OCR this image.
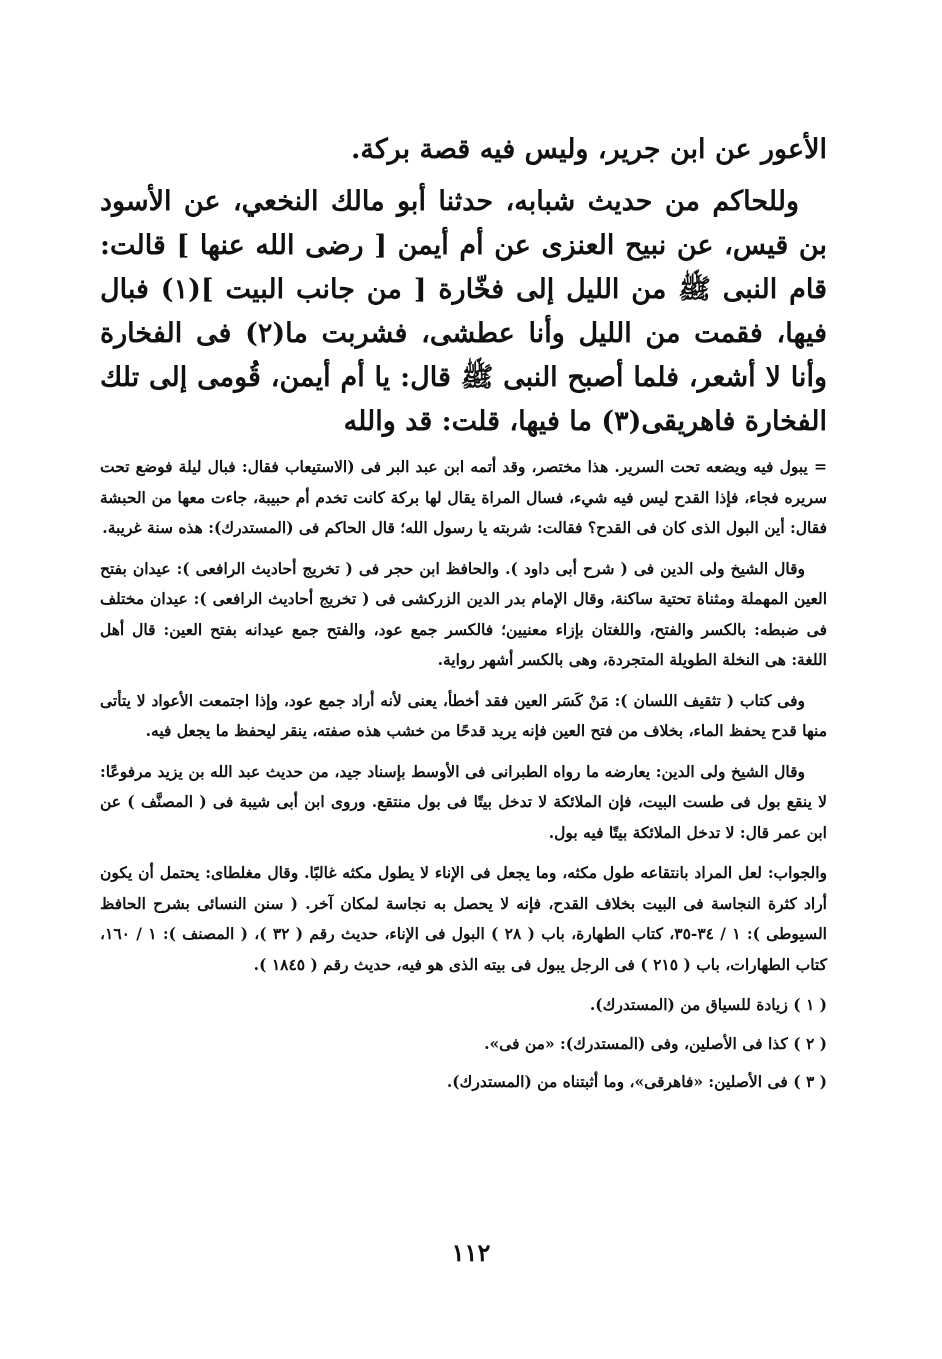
الأعور عن ابن جرير، وليس فيه قصة بركة.

وللحاكم من حديث شبابه، حدثنا أبو مالك النخعي، عن الأسود بن قيس، عن نبيح العنزى عن أم أيمن [ رضى الله عنها ] قالت: قام النبى ﷺ من الليل إلى فخّارة [ من جانب البيت ](١) فبال فيها، فقمت من الليل وأنا عطشى، فشربت ما(٢) فى الفخارة وأنا لا أشعر، فلما أصبح النبى ﷺ قال: يا أم أيمن، قُومى إلى تلك الفخارة فاهريقى(٣) ما فيها، قلت: قد والله

= يبول فيه ويضعه تحت السرير. هذا مختصر، وقد أتمه ابن عبد البر فى (الاستيعاب فقال: فبال ليلة فوضع تحت سريره فجاء، فإذا القدح ليس فيه شيء، فسال المراة يقال لها بركة كانت تخدم أم حبيبة، جاءت معها من الحبشة فقال: أين البول الذى كان فى القدح؟ فقالت: شربته يا رسول الله؛ قال الحاكم فى (المستدرك): هذه سنة غريبة.

وقال الشيخ ولى الدين فى ( شرح أبى داود ). والحافظ ابن حجر فى ( تخريج أحاديث الرافعى ): عيدان بفتح العين المهملة ومثناة تحتية ساكنة، وقال الإمام بدر الدين الزركشى فى ( تخريج أحاديث الرافعى ): عيدان مختلف فى ضبطه: بالكسر والفتح، واللغتان بإزاء معنيين؛ فالكسر جمع عود، والفتح جمع عيدانه بفتح العين: قال أهل اللغة: هى النخلة الطويلة المتجردة، وهى بالكسر أشهر رواية.

وفى كتاب ( تثقيف اللسان ): مَنْ كَسَر العين فقد أخطأ، يعنى لأنه أراد جمع عود، وإذا اجتمعت الأعواد لا يتأتى منها قدح يحفظ الماء، بخلاف من فتح العين فإنه يريد قدحًا من خشب هذه صفته، ينقر ليحفظ ما يجعل فيه.

وقال الشيخ ولى الدين: يعارضه ما رواه الطبرانى فى الأوسط بإسناد جيد، من حديث عبد الله بن يزيد مرفوعًا: لا ينقع بول فى طست البيت، فإن الملائكة لا تدخل بيتًا فى بول منتقع. وروى ابن أبى شيبة فى ( المصنَّف ) عن ابن عمر قال: لا تدخل الملائكة بيتًا فيه بول.

والجواب: لعل المراد بانتقاعه طول مكثه، وما يجعل فى الإناء لا يطول مكثه غالبًا. وقال مغلطاى: يحتمل أن يكون أراد كثرة النجاسة فى البيت بخلاف القدح، فإنه لا يحصل به نجاسة لمكان آخر. ( سنن النسائى بشرح الحافظ السيوطى ): ١ / ٣٤-٣٥، كتاب الطهارة، باب ( ٢٨ ) البول فى الإناء، حديث رقم ( ٣٢ )، ( المصنف ): ١ / ١٦٠، كتاب الطهارات، باب ( ٢١٥ ) فى الرجل يبول فى بيته الذى هو فيه، حديث رقم ( ١٨٤٥ ).

( ١ ) زيادة للسياق من (المستدرك).

( ٢ ) كذا فى الأصلين، وفى (المستدرك): «من فى».

( ٣ ) فى الأصلين: «فاهرقى»، وما أثبتناه من (المستدرك).

١١٢
